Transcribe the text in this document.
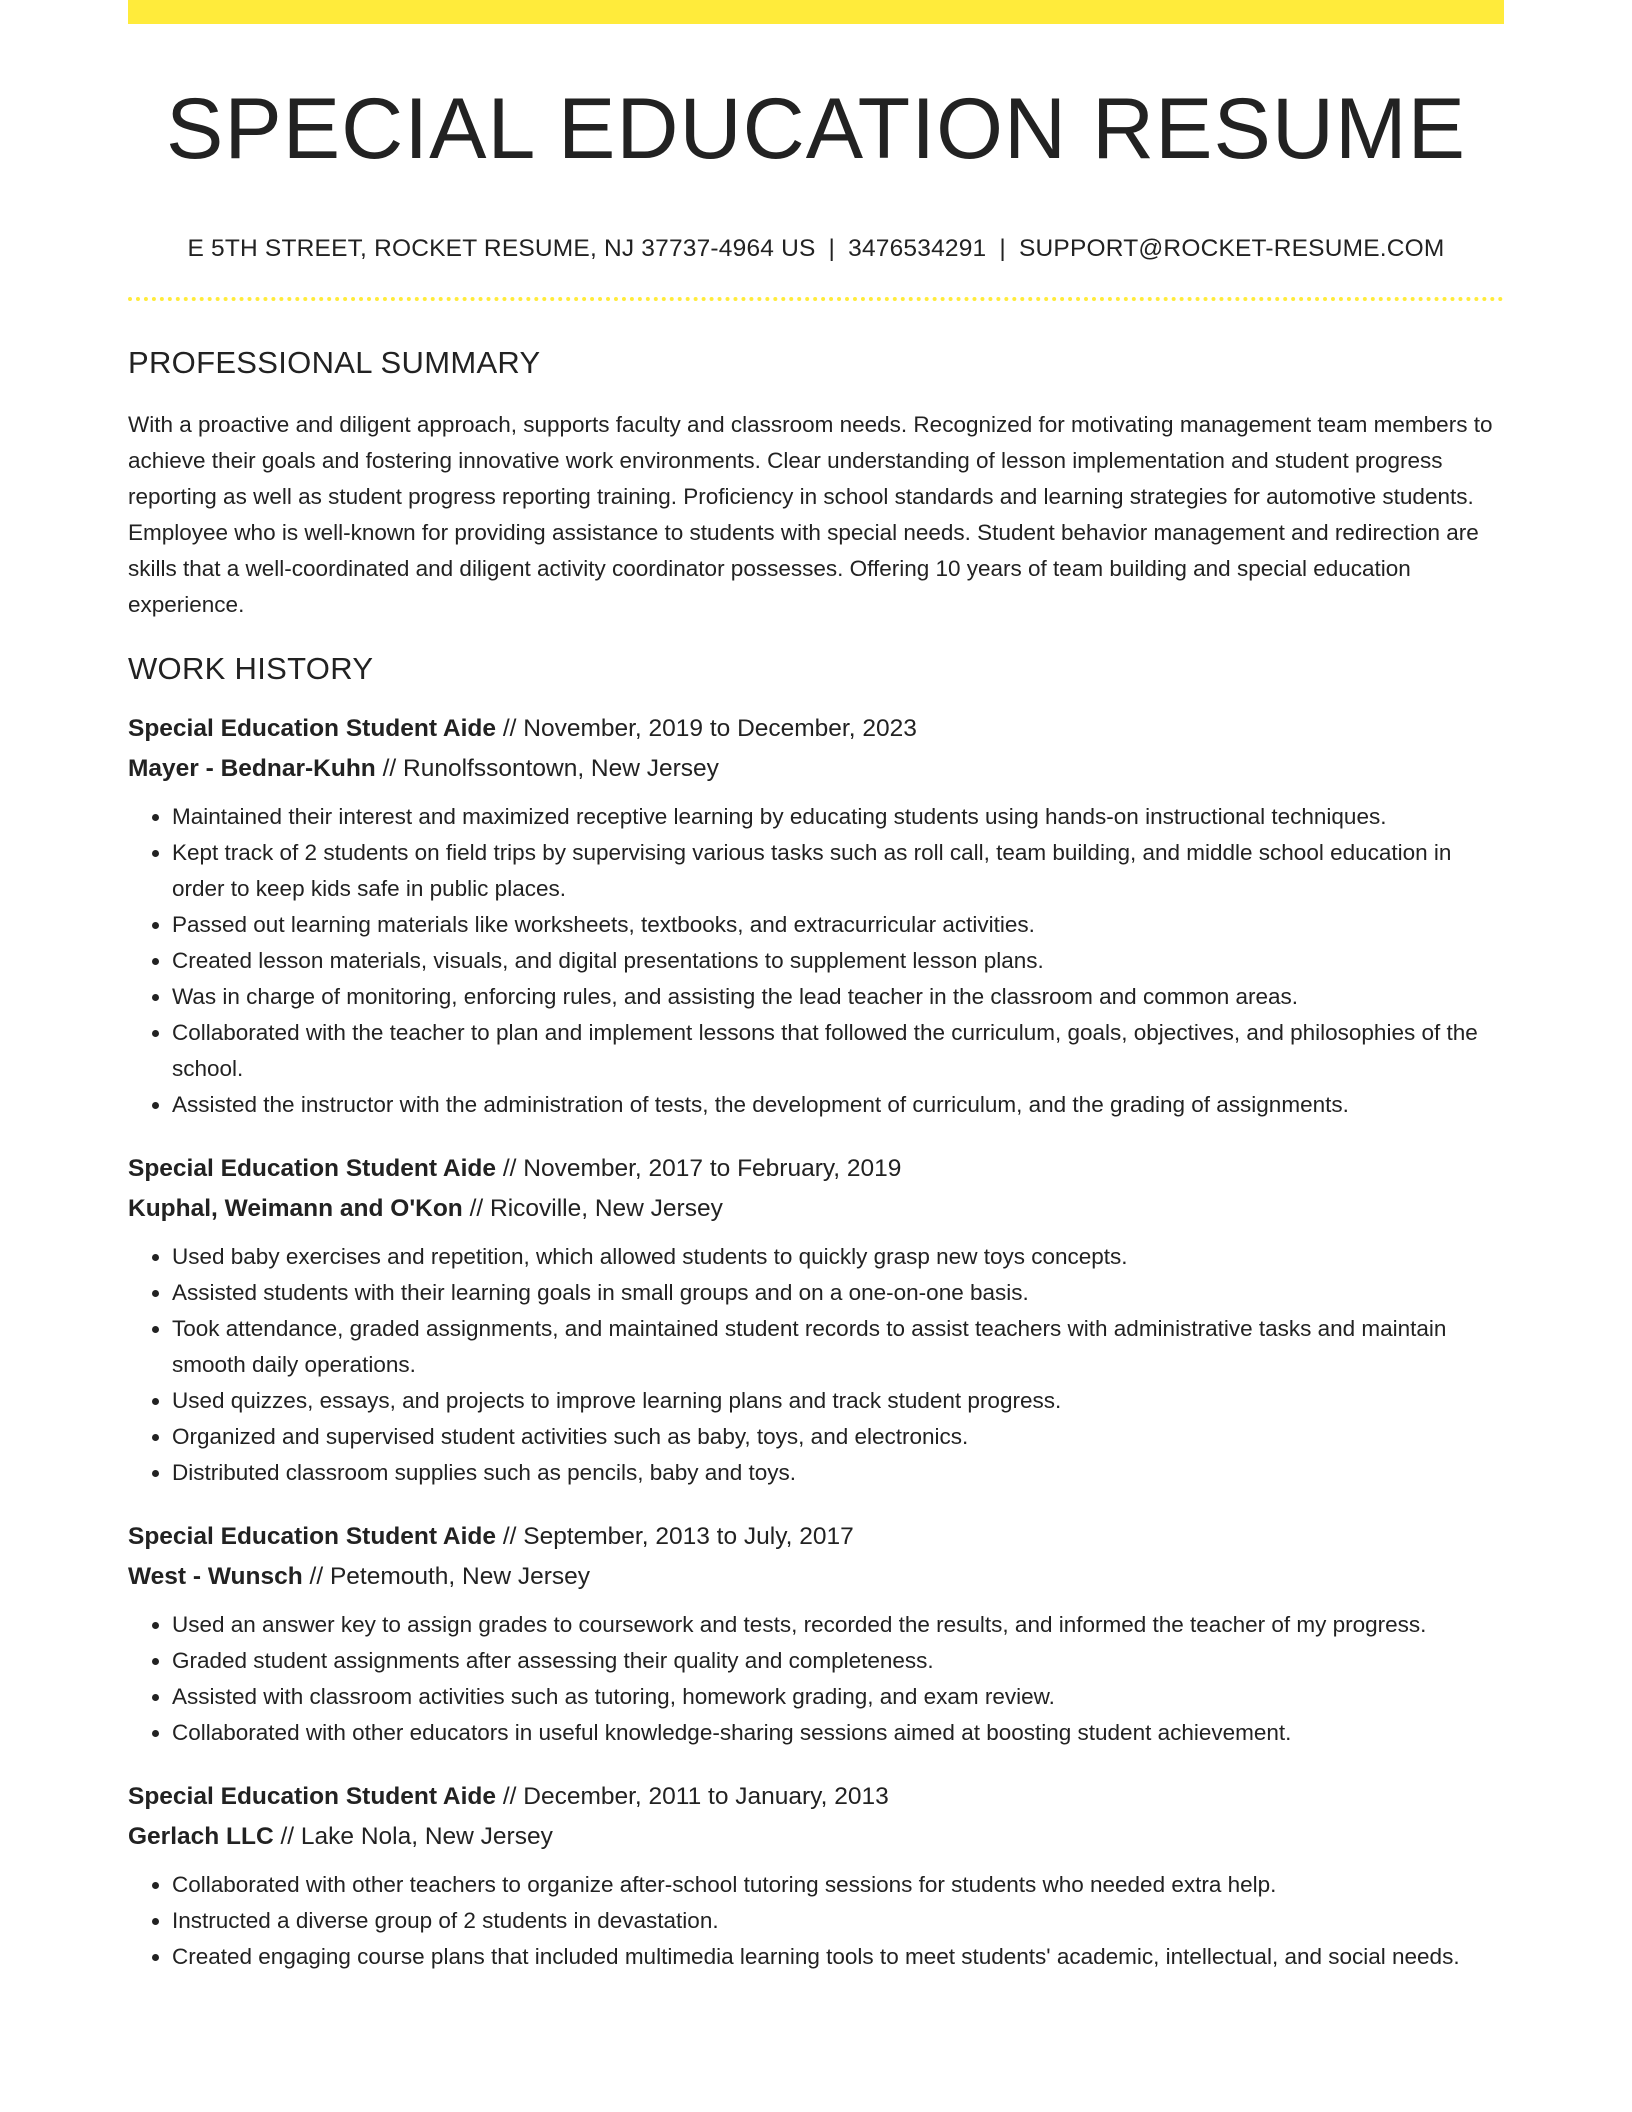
SPECIAL EDUCATION RESUME
E 5TH STREET, ROCKET RESUME, NJ 37737-4964 US | 3476534291 | SUPPORT@ROCKET-RESUME.COM
PROFESSIONAL SUMMARY

With a proactive and diligent approach, supports faculty and classroom needs. Recognized for motivating management team members to achieve their goals and fostering innovative work environments. Clear understanding of lesson implementation and student progress reporting as well as student progress reporting training. Proficiency in school standards and learning strategies for automotive students. Employee who is well-known for providing assistance to students with special needs. Student behavior management and redirection are skills that a well-coordinated and diligent activity coordinator possesses. Offering 10 years of team building and special education experience.

WORK HISTORY
Special Education Student Aide // November, 2019 to December, 2023
Mayer - Bednar-Kuhn // Runolfssontown, New Jersey
• Maintained their interest and maximized receptive learning by educating students using hands-on instructional techniques.
• Kept track of 2 students on field trips by supervising various tasks such as roll call, team building, and middle school education in order to keep kids safe in public places.
• Passed out learning materials like worksheets, textbooks, and extracurricular activities.
• Created lesson materials, visuals, and digital presentations to supplement lesson plans.
• Was in charge of monitoring, enforcing rules, and assisting the lead teacher in the classroom and common areas.
• Collaborated with the teacher to plan and implement lessons that followed the curriculum, goals, objectives, and philosophies of the school.
• Assisted the instructor with the administration of tests, the development of curriculum, and the grading of assignments.
Special Education Student Aide // November, 2017 to February, 2019
Kuphal, Weimann and O'Kon // Ricoville, New Jersey
• Used baby exercises and repetition, which allowed students to quickly grasp new toys concepts.
• Assisted students with their learning goals in small groups and on a one-on-one basis.
• Took attendance, graded assignments, and maintained student records to assist teachers with administrative tasks and maintain smooth daily operations.
• Used quizzes, essays, and projects to improve learning plans and track student progress.
• Organized and supervised student activities such as baby, toys, and electronics.
• Distributed classroom supplies such as pencils, baby and toys.
Special Education Student Aide // September, 2013 to July, 2017
West - Wunsch // Petemouth, New Jersey
• Used an answer key to assign grades to coursework and tests, recorded the results, and informed the teacher of my progress.
• Graded student assignments after assessing their quality and completeness.
• Assisted with classroom activities such as tutoring, homework grading, and exam review.
• Collaborated with other educators in useful knowledge-sharing sessions aimed at boosting student achievement.
Special Education Student Aide // December, 2011 to January, 2013
Gerlach LLC // Lake Nola, New Jersey
• Collaborated with other teachers to organize after-school tutoring sessions for students who needed extra help.
• Instructed a diverse group of 2 students in devastation.
• Created engaging course plans that included multimedia learning tools to meet students' academic, intellectual, and social needs.
